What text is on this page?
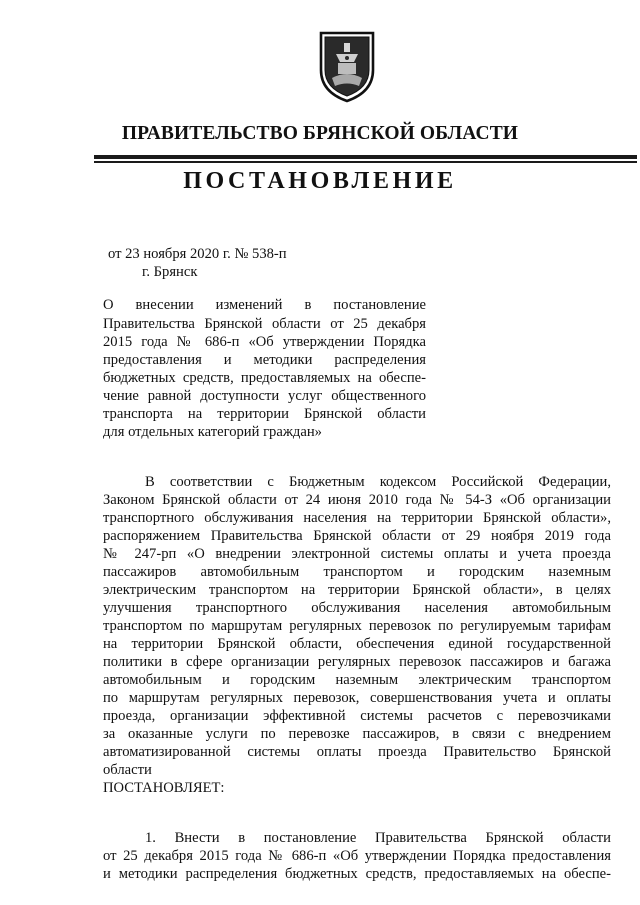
ПРАВИТЕЛЬСТВО БРЯНСКОЙ ОБЛАСТИ
ПОСТАНОВЛЕНИЕ
от 23 ноября 2020 г. № 538-п
г. Брянск
О внесении изменений в постановление
Правительства Брянской области от 25 декабря
2015 года № 686-п «Об утверждении Порядка
предоставления и методики распределения
бюджетных средств, предоставляемых на обеспе-
чение равной доступности услуг общественного
транспорта на территории Брянской области
для отдельных категорий граждан»
В соответствии с Бюджетным кодексом Российской Федерации,
Законом Брянской области от 24 июня 2010 года № 54-З «Об организации
транспортного обслуживания населения на территории Брянской области»,
распоряжением Правительства Брянской области от 29 ноября 2019 года
№ 247-рп «О внедрении электронной системы оплаты и учета проезда
пассажиров автомобильным транспортом и городским наземным
электрическим транспортом на территории Брянской области», в целях
улучшения транспортного обслуживания населения автомобильным
транспортом по маршрутам регулярных перевозок по регулируемым тарифам
на территории Брянской области, обеспечения единой государственной
политики в сфере организации регулярных перевозок пассажиров и багажа
автомобильным и городским наземным электрическим транспортом
по маршрутам регулярных перевозок, совершенствования учета и оплаты
проезда, организации эффективной системы расчетов с перевозчиками
за оказанные услуги по перевозке пассажиров, в связи с внедрением
автоматизированной системы оплаты проезда Правительство Брянской
области
ПОСТАНОВЛЯЕТ:
1. Внести в постановление Правительства Брянской области
от 25 декабря 2015 года № 686-п «Об утверждении Порядка предоставления
и методики распределения бюджетных средств, предоставляемых на обеспе-
